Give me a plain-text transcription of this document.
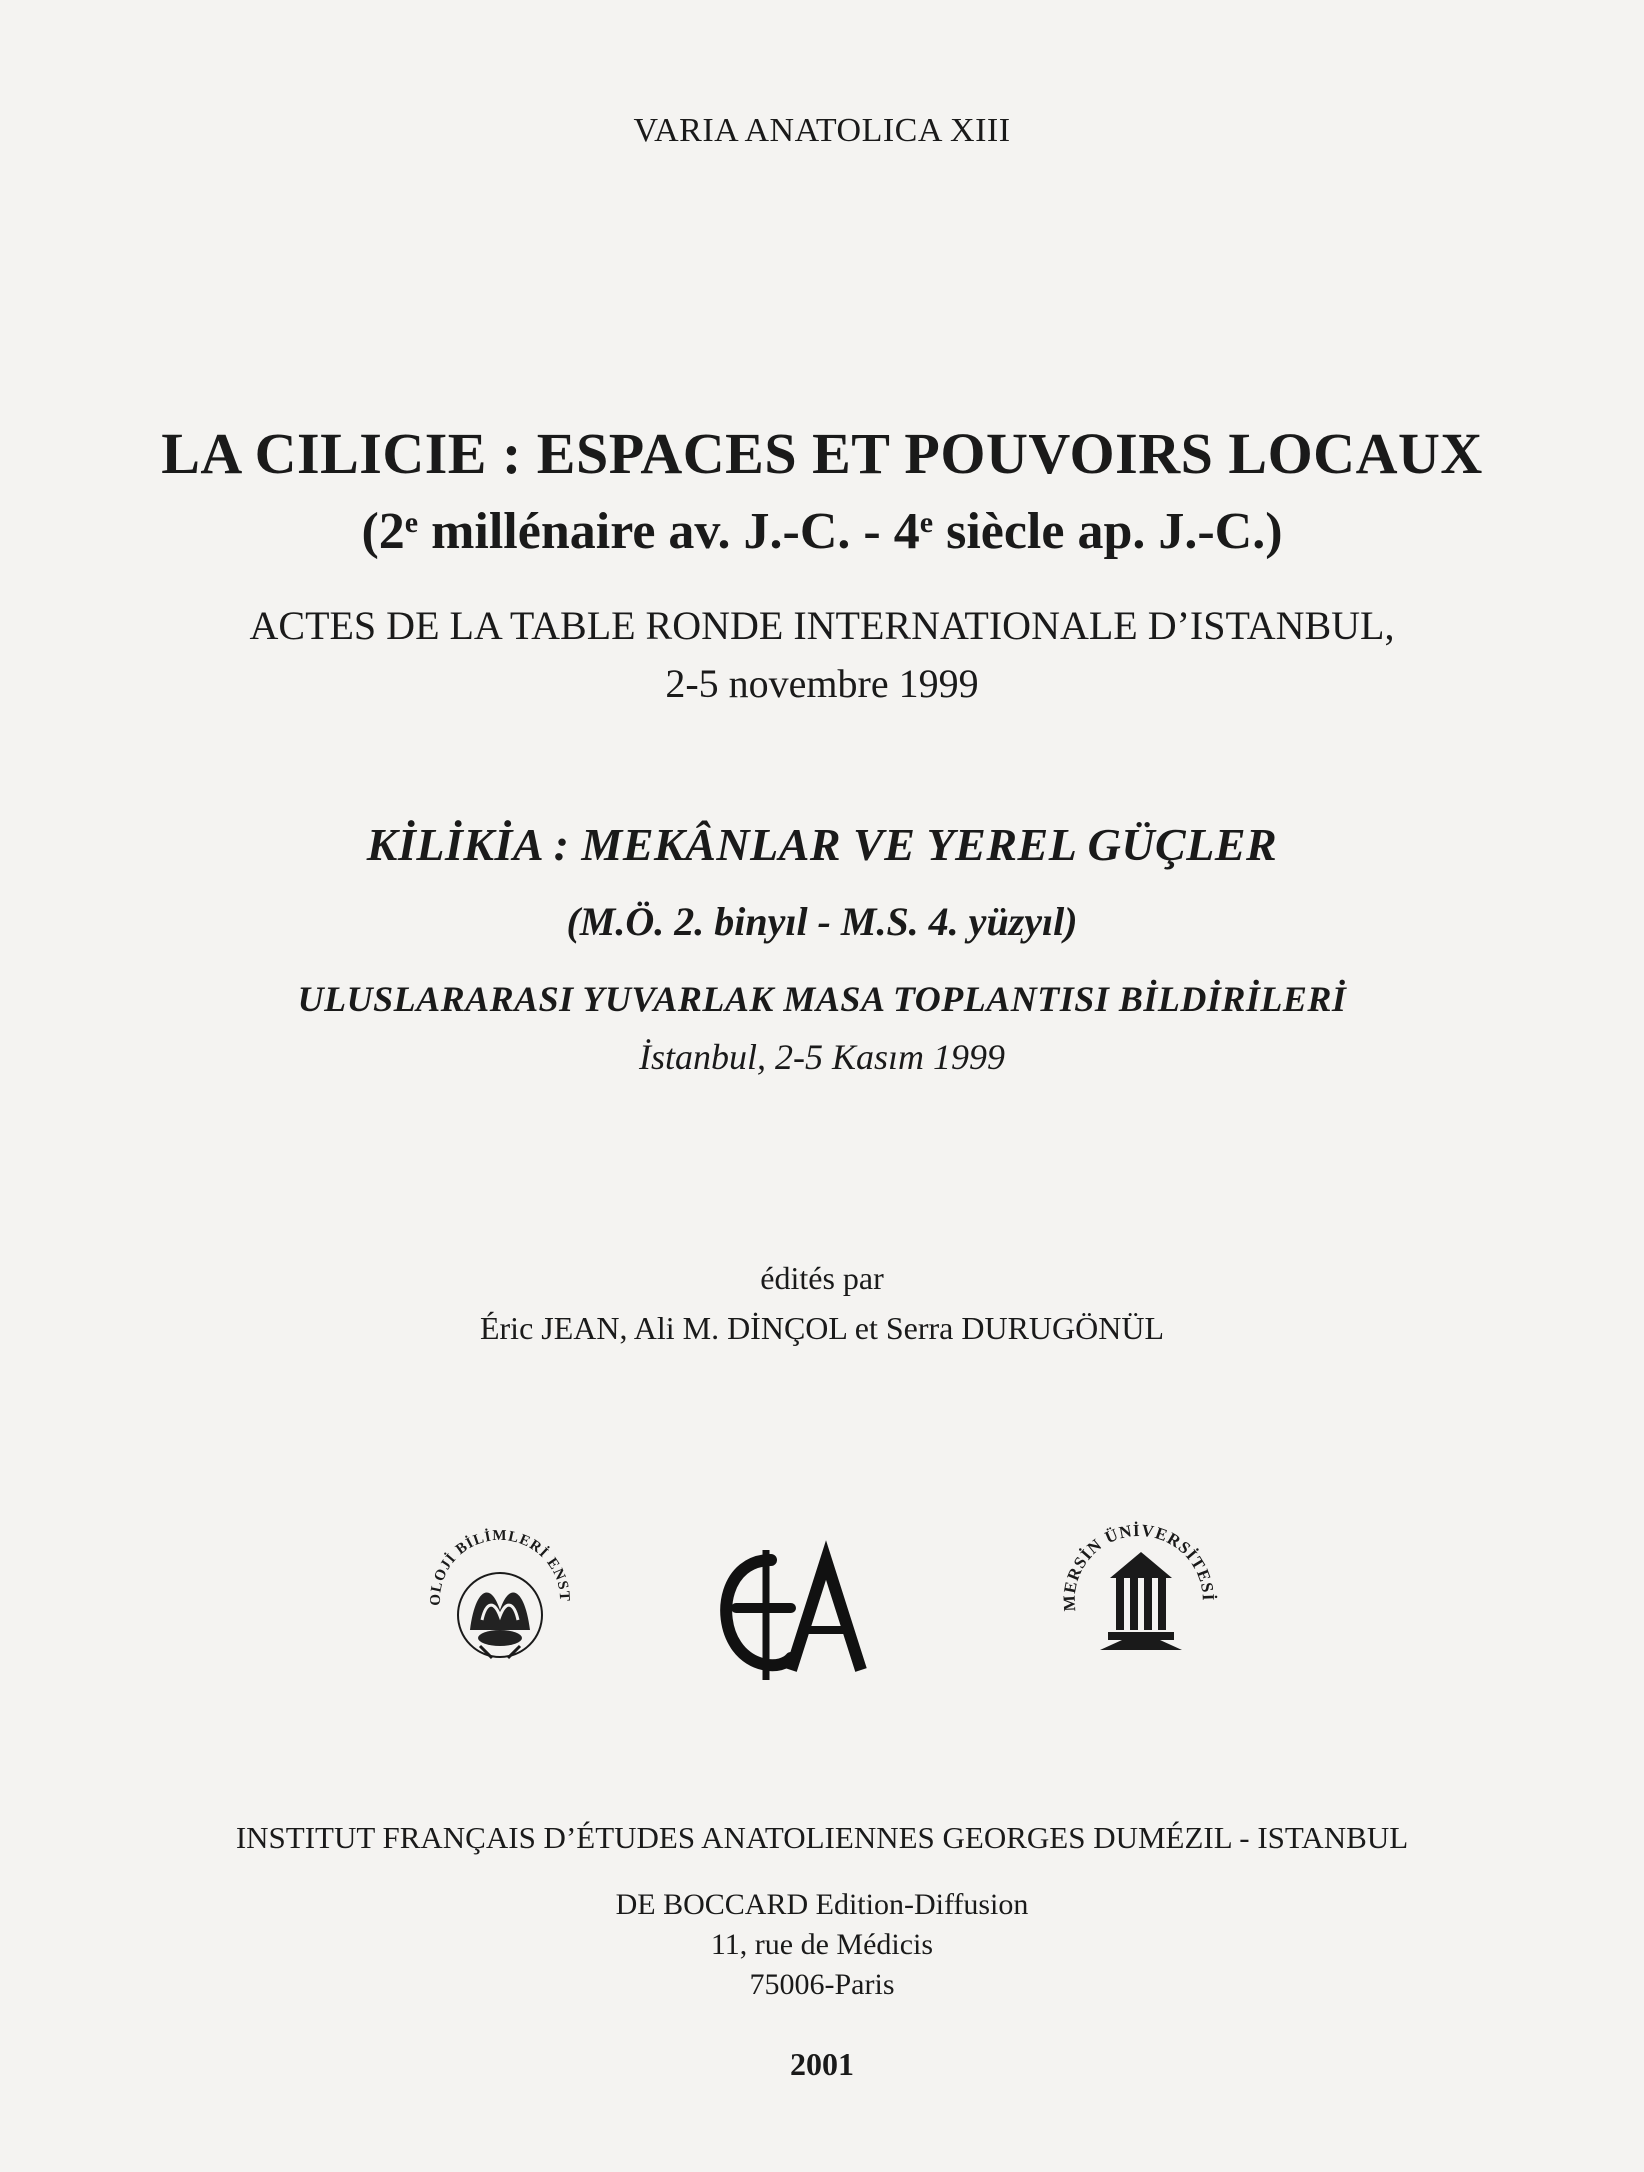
VARIA ANATOLICA XIII
LA CILICIE : ESPACES ET POUVOIRS LOCAUX
(2e millénaire av. J.-C. - 4e siècle ap. J.-C.)
ACTES DE LA TABLE RONDE INTERNATIONALE D’ISTANBUL,
2-5 novembre 1999
KİLİKİA : MEKÂNLAR VE YEREL GÜÇLER
(M.Ö. 2. binyıl - M.S. 4. yüzyıl)
ULUSLARARASI YUVARLAK MASA TOPLANTISI BİLDİRİLERİ
İstanbul, 2-5 Kasım 1999
édités par
Éric JEAN, Ali M. DİNÇOL et Serra DURUGÖNÜL
OLOJİ BİLİMLERİ ENST	MERSİN ÜNİVERSİTESİ
INSTITUT FRANÇAIS D’ÉTUDES ANATOLIENNES GEORGES DUMÉZIL - ISTANBUL
DE BOCCARD Edition-Diffusion
11, rue de Médicis
75006-Paris
2001
